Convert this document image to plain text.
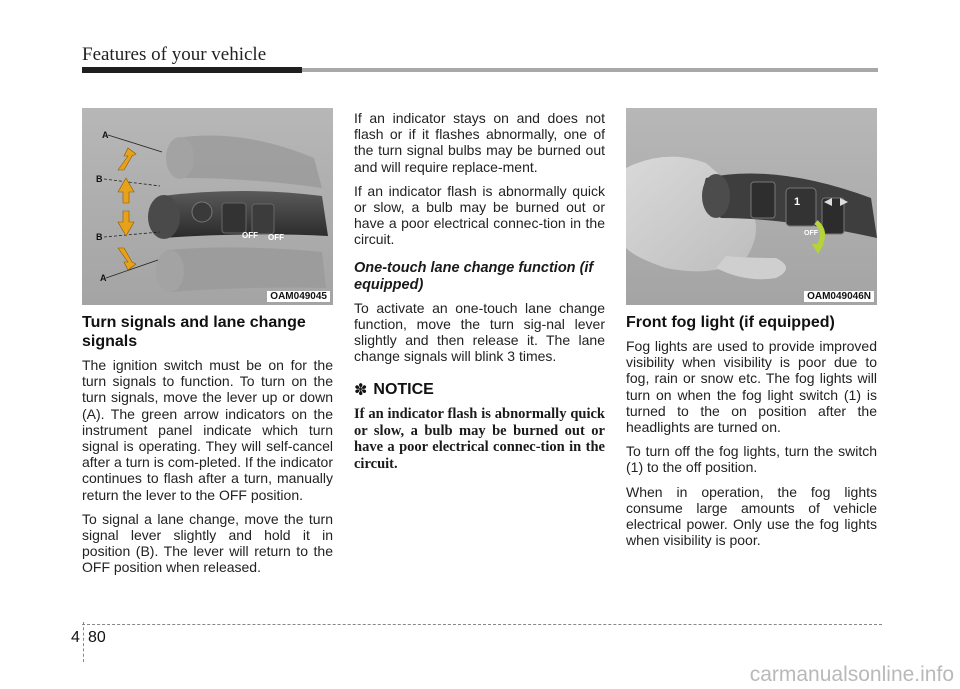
Features of your vehicle
OFF OFF
A
B
B
A
OAM049045
Turn signals and lane change signals

The ignition switch must be on for the turn signals to function. To turn on the turn signals, move the lever up or down (A). The green arrow indicators on the instrument panel indicate which turn signal is operating. They will self-cancel after a turn is com-pleted. If the indicator continues to flash after a turn, manually return the lever to the OFF position.

To signal a lane change, move the turn signal lever slightly and hold it in position (B). The lever will return to the OFF position when released.

If an indicator stays on and does not flash or if it flashes abnormally, one of the turn signal bulbs may be burned out and will require replace-ment.

If an indicator flash is abnormally quick or slow, a bulb may be burned out or have a poor electrical connec-tion in the circuit.

One-touch lane change function (if equipped)

To activate an one-touch lane change function, move the turn sig-nal lever slightly and then release it. The lane change signals will blink 3 times.

✽ NOTICE
If an indicator flash is abnormally quick or slow, a bulb may be burned out or have a poor electrical connec-tion in the circuit.
1
OFF
OAM049046N
Front fog light (if equipped)

Fog lights are used to provide improved visibility when visibility is poor due to fog, rain or snow etc. The fog lights will turn on when the fog light switch (1) is turned to the on position after the headlights are turned on.

To turn off the fog lights, turn the switch (1) to the off position.

When in operation, the fog lights consume large amounts of vehicle electrical power. Only use the fog lights when visibility is poor.

4 80
carmanualsonline.info
